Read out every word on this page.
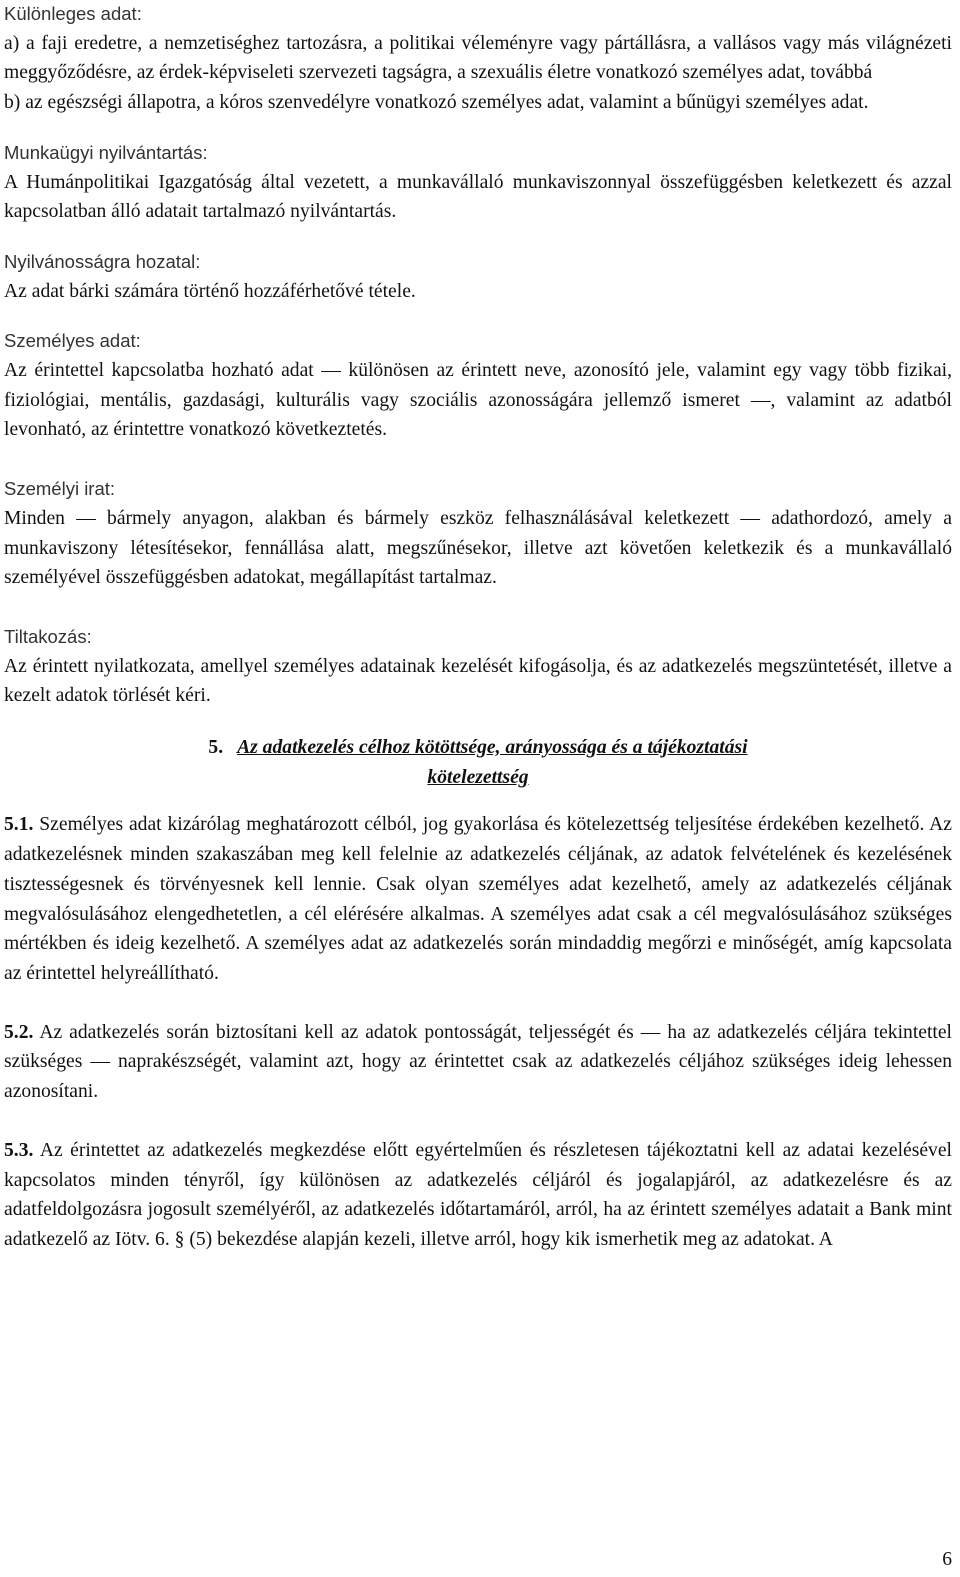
Különleges adat:

a) a faji eredetre, a nemzetiséghez tartozásra, a politikai véleményre vagy pártállásra, a vallásos vagy más világnézeti meggyőződésre, az érdek-képviseleti szervezeti tagságra, a szexuális életre vonatkozó személyes adat, továbbá

b) az egészségi állapotra, a kóros szenvedélyre vonatkozó személyes adat, valamint a bűnügyi személyes adat.

Munkaügyi nyilvántartás:

A Humánpolitikai Igazgatóság által vezetett, a munkavállaló munkaviszonnyal összefüggésben keletkezett és azzal kapcsolatban álló adatait tartalmazó nyilvántartás.

Nyilvánosságra hozatal:

Az adat bárki számára történő hozzáférhetővé tétele.

Személyes adat:

Az érintettel kapcsolatba hozható adat ― különösen az érintett neve, azonosító jele, valamint egy vagy több fizikai, fiziológiai, mentális, gazdasági, kulturális vagy szociális azonosságára jellemző ismeret ―, valamint az adatból levonható, az érintettre vonatkozó következtetés.

Személyi irat:

Minden ― bármely anyagon, alakban és bármely eszköz felhasználásával keletkezett ― adathordozó, amely a munkaviszony létesítésekor, fennállása alatt, megszűnésekor, illetve azt követően keletkezik és a munkavállaló személyével összefüggésben adatokat, megállapítást tartalmaz.

Tiltakozás:

Az érintett nyilatkozata, amellyel személyes adatainak kezelését kifogásolja, és az adatkezelés megszüntetését, illetve a kezelt adatok törlését kéri.

5. Az adatkezelés célhoz kötöttsége, arányossága és a tájékoztatási
kötelezettség

5.1. Személyes adat kizárólag meghatározott célból, jog gyakorlása és kötelezettség teljesítése érdekében kezelhető. Az adatkezelésnek minden szakaszában meg kell felelnie az adatkezelés céljának, az adatok felvételének és kezelésének tisztességesnek és törvényesnek kell lennie. Csak olyan személyes adat kezelhető, amely az adatkezelés céljának megvalósulásához elengedhetetlen, a cél elérésére alkalmas. A személyes adat csak a cél megvalósulásához szükséges mértékben és ideig kezelhető. A személyes adat az adatkezelés során mindaddig megőrzi e minőségét, amíg kapcsolata az érintettel helyreállítható.

5.2. Az adatkezelés során biztosítani kell az adatok pontosságát, teljességét és ― ha az adatkezelés céljára tekintettel szükséges ― naprakészségét, valamint azt, hogy az érintettet csak az adatkezelés céljához szükséges ideig lehessen azonosítani.

5.3. Az érintettet az adatkezelés megkezdése előtt egyértelműen és részletesen tájékoztatni kell az adatai kezelésével kapcsolatos minden tényről, így különösen az adatkezelés céljáról és jogalapjáról, az adatkezelésre és az adatfeldolgozásra jogosult személyéről, az adatkezelés időtartamáról, arról, ha az érintett személyes adatait a Bank mint adatkezelő az Iötv. 6. § (5) bekezdése alapján kezeli, illetve arról, hogy kik ismerhetik meg az adatokat. A

6
